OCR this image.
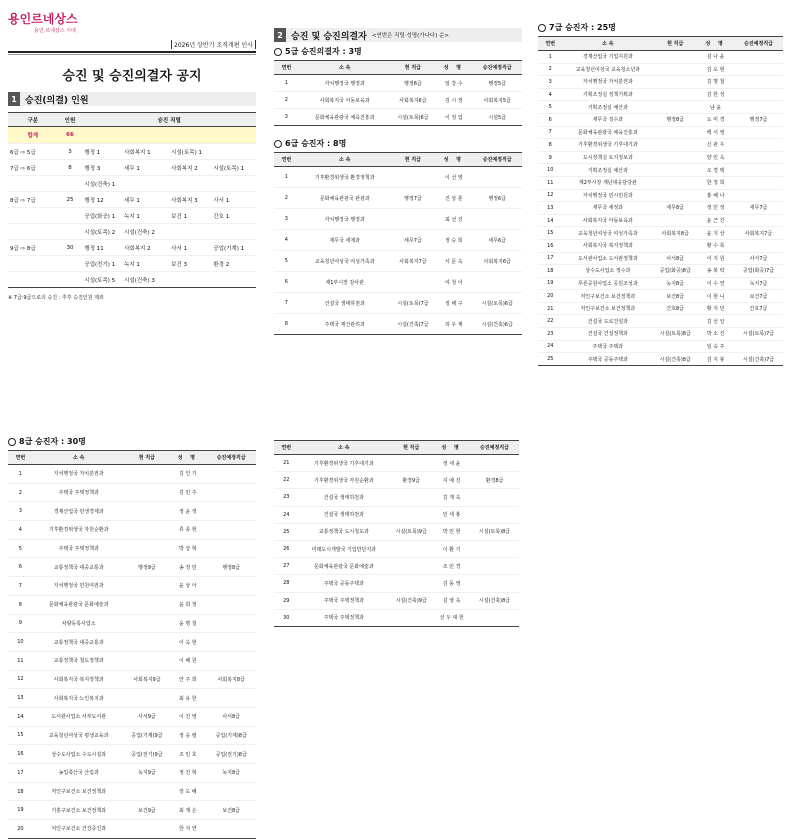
용인르네상스
용인 르네상스 시대
2026년 상반기 조직개편 인사
승진 및 승진의결자 공지
1 승진(의결) 인원
구분	인원	승진 직렬			
합계	66				
6급 ⇨ 5급	3	행정 1	사회복지 1	시설(토목) 1	
7급 ⇨ 6급	8	행정 3	세무 1	사회복지 2	시설(토목) 1
		시설(건축) 1			
8급 ⇨ 7급	25	행정 12	세무 1	사회복지 3	사서 1
		공업(화공) 1	녹지 1	보건 1	간호 1
		시설(토목) 2	시설(건축) 2		
9급 ⇨ 8급	30	행정 11	사회복지 2	사서 1	공업(기계) 1
		공업(전기) 1	녹지 1	보건 3	환경 2
		시설(토목) 5	시설(건축) 3		
※ 7급·9급으로의 승진 : 추후 승진인원 제외
2 승진 및 승진의결자 <연번은 직렬·성명(가나다) 순>
5급 승진의결자 : 3명
연번	소 속	현 직급	성 명	승진예정직급
1	자치행정국 행정과	행정6급	임 강 수	행정5급
2	사회복지국 아동보육과	사회복지6급	김 시 정	사회복지5급
3	문화체육관광국 체육진흥과	시설(토목)6급	이 정 업	시설5급
6급 승진자 : 8명
연번	소 속	현 직급	성 명	승진예정직급
1	기후환경위생국 환경정책과		이 선 영	
2	문화체육관광국 관광과	행정7급	진 상 훈	행정6급
3	자치행정국 행정과		최 선 진	
4	재무국 세계과	세무7급	정 승 희	세무6급
5	교육청년여성국 여성가족과	사회복지7급	서 문 옥	사회복지6급
6	제1부시장 감사관		여 청 아	
7	건설국 생태하천과	시설(토목)7급	정 해 구	시설(토목)6급
8	주택국 재산관리과	시설(건축)7급	허 우 계	시설(건축)6급
7급 승진자 : 25명
연번	소 속	현 직급	성 명	승진예정직급
1	경제산업국 기업지원과		김 나 윤	
2	교육청년여성국 교육청소년과		김 도 현	
3	자치행정국 자치분권과		김 명 철	
4	기획조정실 정책기획과		김 한 성	
5	기획조정실 예산과		남 윤	
6	재무국 징수과	행정8급	도 미 경	행정7급
7	문화체육관광국 체육진흥과		백 서 영	
8	기후환경위생국 기후대기과		신 관 우	
9	도시정책실 토지정보과		양 민 옥	
10	기획조정실 예산과		오 경 택	
11	제2부시장 재난대응담당관		한 정 희	
12	자치행정국 민시민원과		홍 혜 나	
13	재무국 세정과	세무8급	정 민 정	세무7급
14	사회복지국 아동보육과		윤 근 진	
15	교육청년여성국 여성가족과	사회복지8급	윤 지 상	사회복지7급
16	사회복지국 복지정책과		황 수 목	
17	도서관사업소 도서관정책과	사서8급	이 지 원	사서7급
18	상수도사업소 정수과	공업(화공)8급	송 복 락	공업(화공)7급
19	푸른공원사업소 공원조성과	녹지8급	이 수 연	녹지7급
20	처인구보건소 보건정책과	보건8급	이 현 니	보건7급
21	처인구보건소 보건정책과	간호8급	황 지 민	간호7급
22	건설국 도로건설과		김 선 일	
23	건설국 건설정책과	시설(토목)8급	박 소 진	시설(토목)7급
24	주택국 주택과		임 숙 주	
25	주택국 공동주택과	시설(건축)8급	김 지 봉	시설(건축)7급
8급 승진자 : 30명
연번	소 속	현 직급	성 명	승진예정직급
1	자치행정국 자치분권과		김 인 기	
2	주택국 주택정책과		김 민 주	
3	경제산업국 민생경제과		정 윤 정	
4	기후환경위생국 자원순환과		류 종 현	
5	주택국 주택정책과		박 상 혁	
6	교통정책국 대중교통과	행정9급	송 정 민	행정8급
7	자치행정국 민원여권과		윤 상 아	
8	문화체육관광국 문화예술과		윤 희 정	
9	차량등록사업소		윤 명 철	
10	교통정책국 대중교통과		이 옥 현	
11	교통정책국 철도정책과		이 혜 원	
12	사회복지국 복지정책과	사회복지9급	안 주 희	사회복지8급
13	사회복지국 노인복지과		최 유 한	
14	도서관사업소 서부도서관	사서9급	이 진 영	사서8급
15	교육청년여성국 평생교육과	공업(기계)9급	정 응 렬	공업(기계)8급
16	상수도사업소 수도시설과	공업(전기)9급	조 민 호	공업(전기)8급
17	농업축산국 산림과	녹지9급	정 진 혁	녹지8급
18	처인구보건소 보건정책과		장 도 혜	
19	기흥구보건소 보건정책과	보건9급	최 재 은	보건8급
20	처인구보건소 건강증진과		한 지 연	
연번	소 속	현 직급	성 명	승진예정직급
21	기후환경위생국 기후대기과		정 세 윤	
22	기후환경위생국 자원순환과	환경9급	지 예 진	환경8급
23	건설국 생태하천과		김 재 욱	
24	건설국 생태하천과		민 세 홍	
25	교통정책국 도시철도과	시설(토목)9급	박 민 현	시설(토목)8급
26	미래도시개발국 기업반단지과		이 환 기	
27	문화체육관광국 문화예술과		조 민 경	
28	주택국 공동주택과		김 동 영	
29	주택국 주택정책과	시설(건축)9급	김 영 욱	시설(건축)8급
30	주택국 주택정책과		선 우 대 헌	
